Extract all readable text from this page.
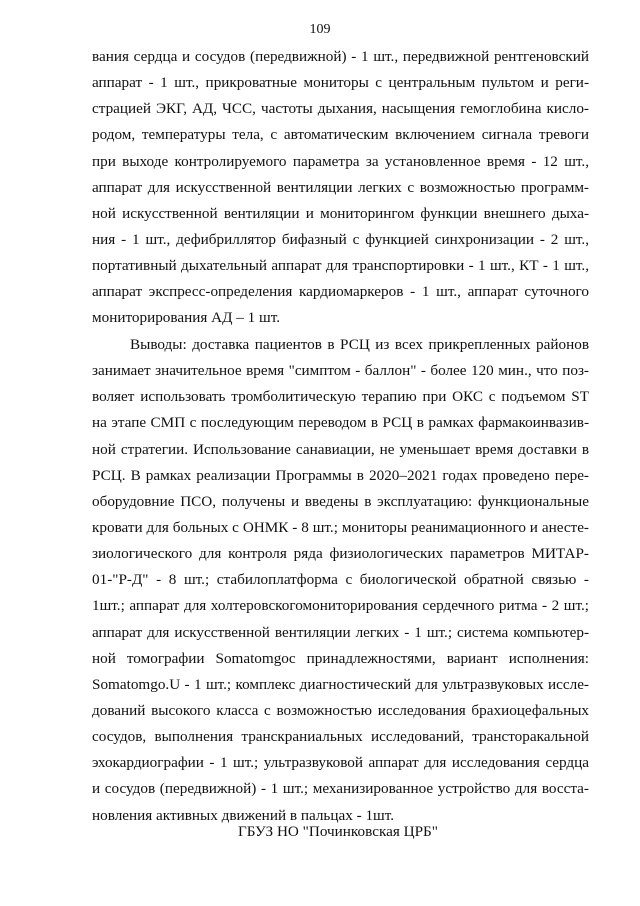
109

вания сердца и сосудов (передвижной) - 1 шт., передвижной рентгеновский
аппарат - 1 шт., прикроватные мониторы с центральным пультом и реги-
страцией ЭКГ, АД, ЧСС, частоты дыхания, насыщения гемоглобина кисло-
родом, температуры тела, с автоматическим включением сигнала тревоги
при выходе контролируемого параметра за установленное время - 12 шт.,
аппарат для искусственной вентиляции легких с возможностью программ-
ной искусственной вентиляции и мониторингом функции внешнего дыха-
ния - 1 шт., дефибриллятор бифазный с функцией синхронизации - 2 шт.,
портативный дыхательный аппарат для транспортировки - 1 шт., КТ - 1 шт.,
аппарат экспресс-определения кардиомаркеров - 1 шт., аппарат суточного
мониторирования АД – 1 шт.

Выводы: доставка пациентов в РСЦ из всех прикрепленных районов
занимает значительное время "симптом - баллон" - более 120 мин., что поз-
воляет использовать тромболитическую терапию при ОКС с подъемом ST
на этапе СМП с последующим переводом в РСЦ в рамках фармакоинвазив-
ной стратегии. Использование санавиации, не уменьшает время доставки в
РСЦ. В рамках реализации Программы в 2020–2021 годах проведено пере-
оборудовние ПСО, получены и введены в эксплуатацию: функциональные
кровати для больных с ОНМК - 8 шт.; мониторы реанимационного и анесте-
зиологического для контроля ряда физиологических параметров МИТАР-
01-"Р-Д" - 8 шт.; стабилоплатформа с биологической обратной связью -
1шт.; аппарат для холтеровскогомониторирования сердечного ритма - 2 шт.;
аппарат для искусственной вентиляции легких - 1 шт.; система компьютер-
ной томографии Somatomgoc принадлежностями, вариант исполнения:
Somatomgo.U - 1 шт.; комплекс диагностический для ультразвуковых иссле-
дований высокого класса с возможностью исследования брахиоцефальных
сосудов, выполнения транскраниальных исследований, трансторакальной
эхокардиографии - 1 шт.; ультразвуковой аппарат для исследования сердца
и сосудов (передвижной) - 1 шт.; механизированное устройство для восста-
новления активных движений в пальцах - 1шт.

ГБУЗ НО "Починковская ЦРБ"
